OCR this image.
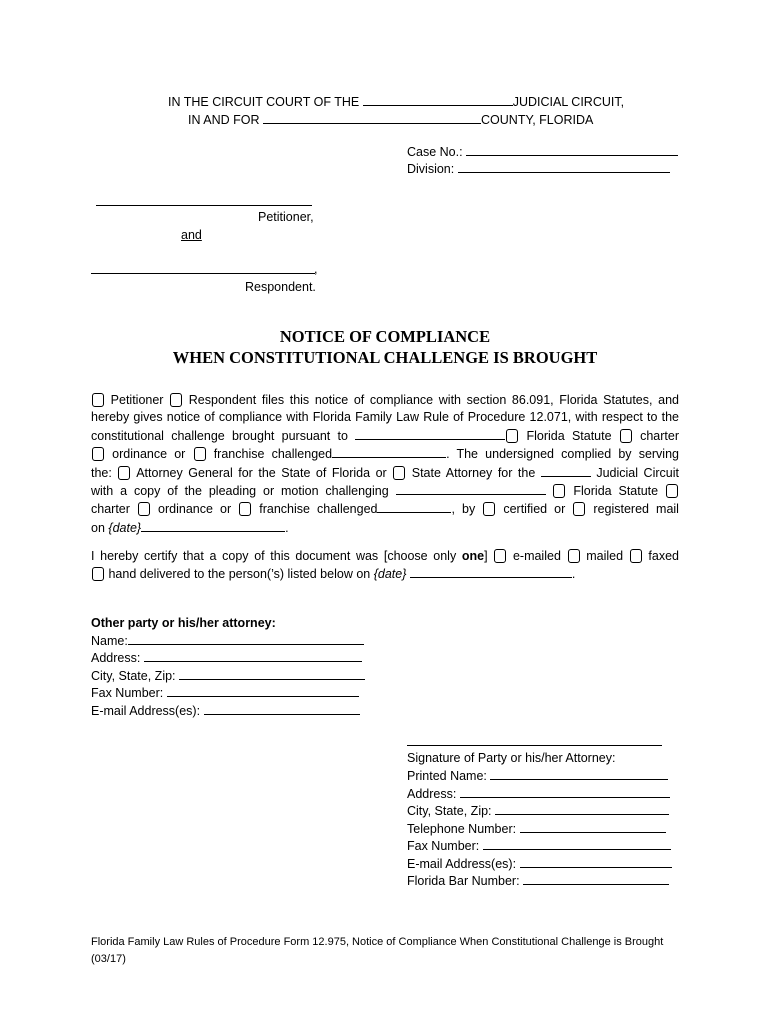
IN THE CIRCUIT COURT OF THE	JUDICIAL CIRCUIT,
IN AND FOR	COUNTY, FLORIDA
Case No.:
Division:
Petitioner,
and
,
Respondent.
NOTICE OF COMPLIANCE
WHEN CONSTITUTIONAL CHALLENGE IS BROUGHT
Petitioner Respondent files this notice of compliance with section 86.091, Florida Statutes, and
hereby gives notice of compliance with Florida Family Law Rule of Procedure 12.071, with respect to the
constitutional challenge brought pursuant to	Florida Statute charter
ordinance or franchise challenged	. The undersigned complied by serving
the: Attorney General for the State of Florida or State Attorney for the	Judicial Circuit
with a copy of the pleading or motion challenging	Florida Statute
charter ordinance or franchise challenged	, by certified or registered mail
on {date}	.
I hereby certify that a copy of this document was [choose only one] e-mailed mailed faxed
hand delivered to the person(’s) listed below on {date}	.
Other party or his/her attorney:
Name:
Address:
City, State, Zip:
Fax Number:
E-mail Address(es):
Signature of Party or his/her Attorney:
Printed Name:
Address:
City, State, Zip:
Telephone Number:
Fax Number:
E-mail Address(es):
Florida Bar Number:
Florida Family Law Rules of Procedure Form 12.975, Notice of Compliance When Constitutional Challenge is Brought
(03/17)
